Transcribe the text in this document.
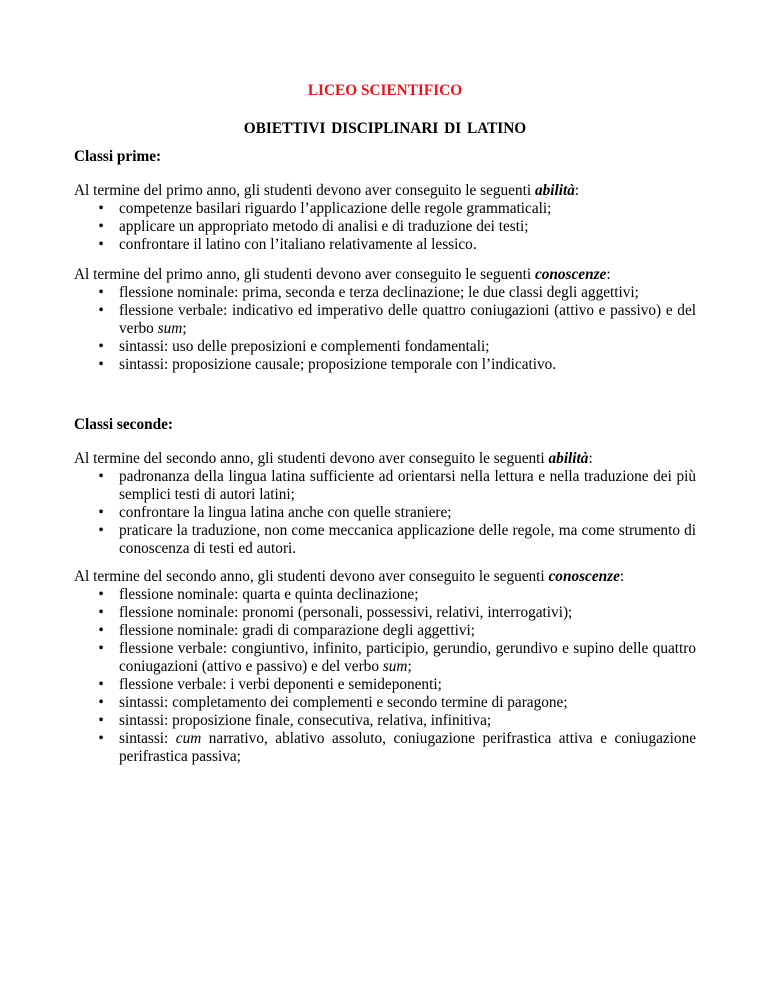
LICEO SCIENTIFICO
OBIETTIVI DISCIPLINARI DI LATINO

Classi prime:

Al termine del primo anno, gli studenti devono aver conseguito le seguenti abilità:

• competenze basilari riguardo l’applicazione delle regole grammaticali;
• applicare un appropriato metodo di analisi e di traduzione dei testi;
• confrontare il latino con l’italiano relativamente al lessico.

Al termine del primo anno, gli studenti devono aver conseguito le seguenti conoscenze:

• flessione nominale: prima, seconda e terza declinazione; le due classi degli aggettivi;
• flessione verbale: indicativo ed imperativo delle quattro coniugazioni (attivo e passivo) e del verbo sum;
• sintassi: uso delle preposizioni e complementi fondamentali;
• sintassi: proposizione causale; proposizione temporale con l’indicativo.

Classi seconde:

Al termine del secondo anno, gli studenti devono aver conseguito le seguenti abilità:

• padronanza della lingua latina sufficiente ad orientarsi nella lettura e nella traduzione dei più semplici testi di autori latini;
• confrontare la lingua latina anche con quelle straniere;
• praticare la traduzione, non come meccanica applicazione delle regole, ma come strumento di conoscenza di testi ed autori.

Al termine del secondo anno, gli studenti devono aver conseguito le seguenti conoscenze:

• flessione nominale: quarta e quinta declinazione;
• flessione nominale: pronomi (personali, possessivi, relativi, interrogativi);
• flessione nominale: gradi di comparazione degli aggettivi;
• flessione verbale: congiuntivo, infinito, participio, gerundio, gerundivo e supino delle quattro coniugazioni (attivo e passivo) e del verbo sum;
• flessione verbale: i verbi deponenti e semideponenti;
• sintassi: completamento dei complementi e secondo termine di paragone;
• sintassi: proposizione finale, consecutiva, relativa, infinitiva;
• sintassi: cum narrativo, ablativo assoluto, coniugazione perifrastica attiva e coniugazione perifrastica passiva;
